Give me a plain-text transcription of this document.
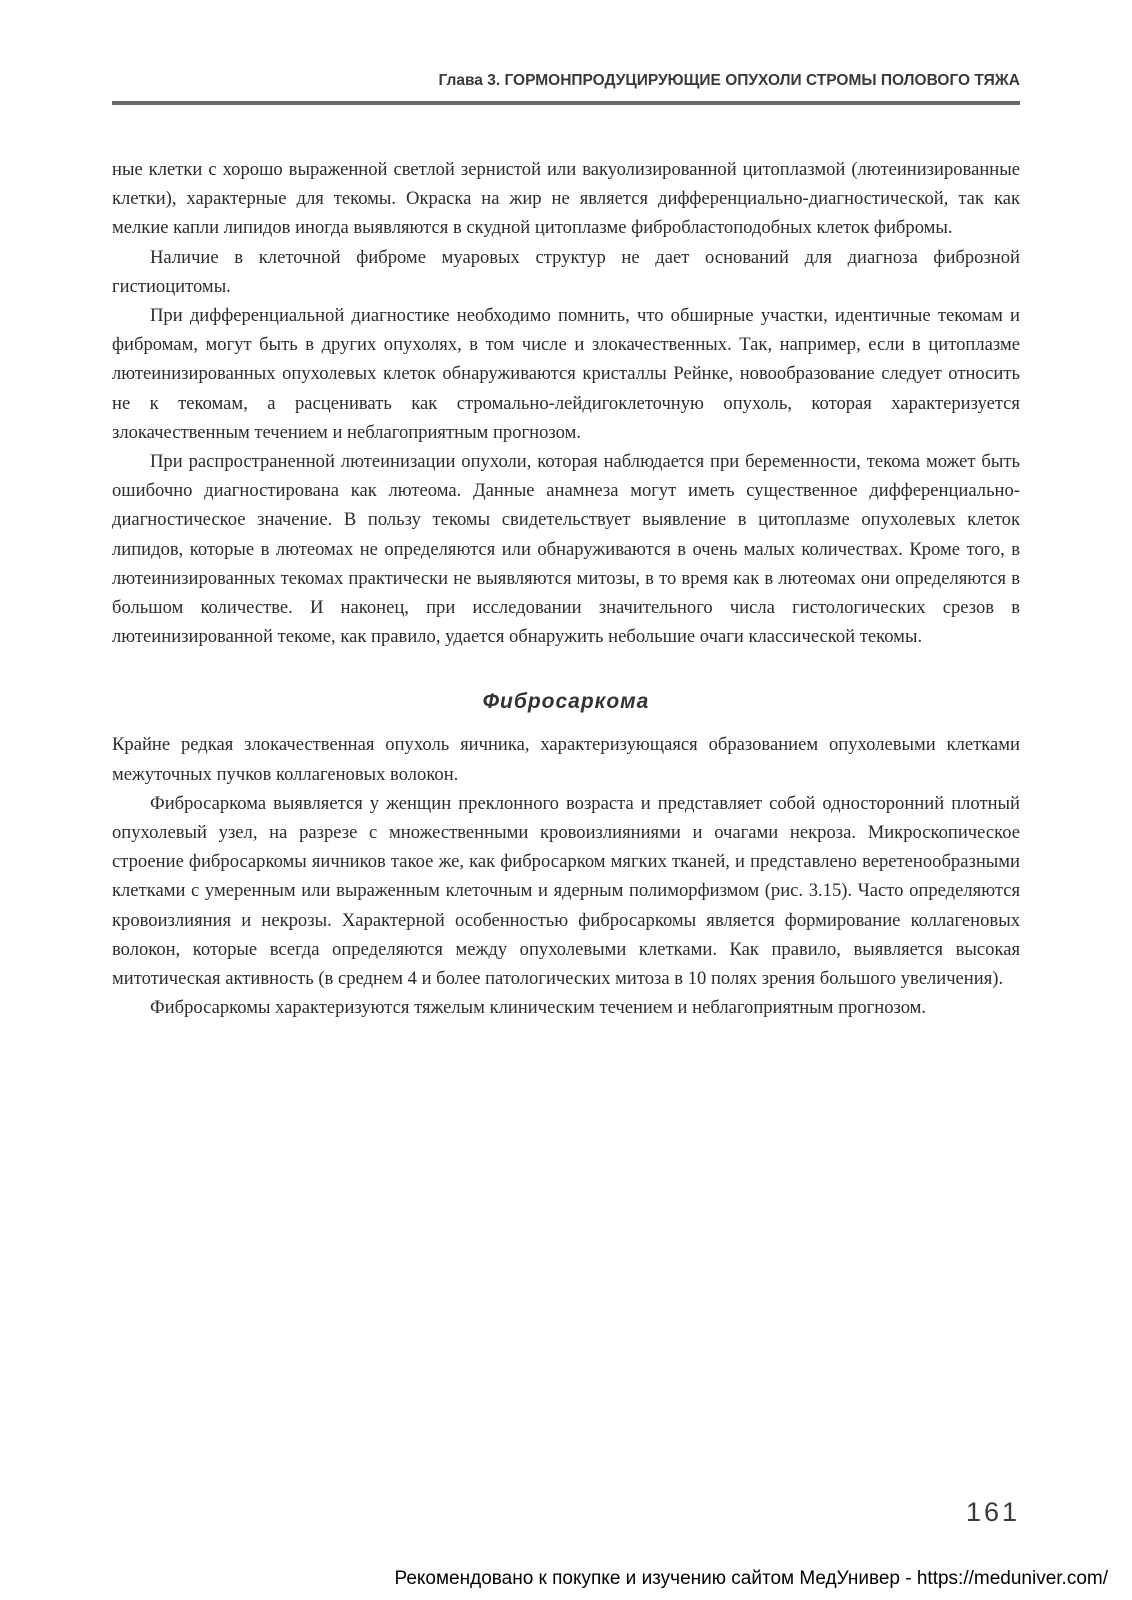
Глава 3. ГОРМОНПРОДУЦИРУЮЩИЕ ОПУХОЛИ СТРОМЫ ПОЛОВОГО ТЯЖА

ные клетки с хорошо выраженной светлой зернистой или вакуолизированной цитоплазмой (лютеинизированные клетки), характерные для текомы. Окраска на жир не является дифференциально-диагностической, так как мелкие капли липидов иногда выявляются в скудной цитоплазме фибробластоподобных клеток фибромы.

Наличие в клеточной фиброме муаровых структур не дает оснований для диагноза фиброзной гистиоцитомы.

При дифференциальной диагностике необходимо помнить, что обширные участки, идентичные текомам и фибромам, могут быть в других опухолях, в том числе и злокачественных. Так, например, если в цитоплазме лютеинизированных опухолевых клеток обнаруживаются кристаллы Рейнке, новообразование следует относить не к текомам, а расценивать как стромально-лейдигоклеточную опухоль, которая характеризуется злокачественным течением и неблагоприятным прогнозом.

При распространенной лютеинизации опухоли, которая наблюдается при беременности, текома может быть ошибочно диагностирована как лютеома. Данные анамнеза могут иметь существенное дифференциально-диагностическое значение. В пользу текомы свидетельствует выявление в цитоплазме опухолевых клеток липидов, которые в лютеомах не определяются или обнаруживаются в очень малых количествах. Кроме того, в лютеинизированных текомах практически не выявляются митозы, в то время как в лютеомах они определяются в большом количестве. И наконец, при исследовании значительного числа гистологических срезов в лютеинизированной текоме, как правило, удается обнаружить небольшие очаги классической текомы.

Фибросаркома

Крайне редкая злокачественная опухоль яичника, характеризующаяся образованием опухолевыми клетками межуточных пучков коллагеновых волокон.

Фибросаркома выявляется у женщин преклонного возраста и представляет собой односторонний плотный опухолевый узел, на разрезе с множественными кровоизлияниями и очагами некроза. Микроскопическое строение фибросаркомы яичников такое же, как фибросарком мягких тканей, и представлено веретенообразными клетками с умеренным или выраженным клеточным и ядерным полиморфизмом (рис. 3.15). Часто определяются кровоизлияния и некрозы. Характерной особенностью фибросаркомы является формирование коллагеновых волокон, которые всегда определяются между опухолевыми клетками. Как правило, выявляется высокая митотическая активность (в среднем 4 и более патологических митоза в 10 полях зрения большого увеличения).

Фибросаркомы характеризуются тяжелым клиническим течением и неблагоприятным прогнозом.

161
Рекомендовано к покупке и изучению сайтом МедУнивер - https://meduniver.com/
